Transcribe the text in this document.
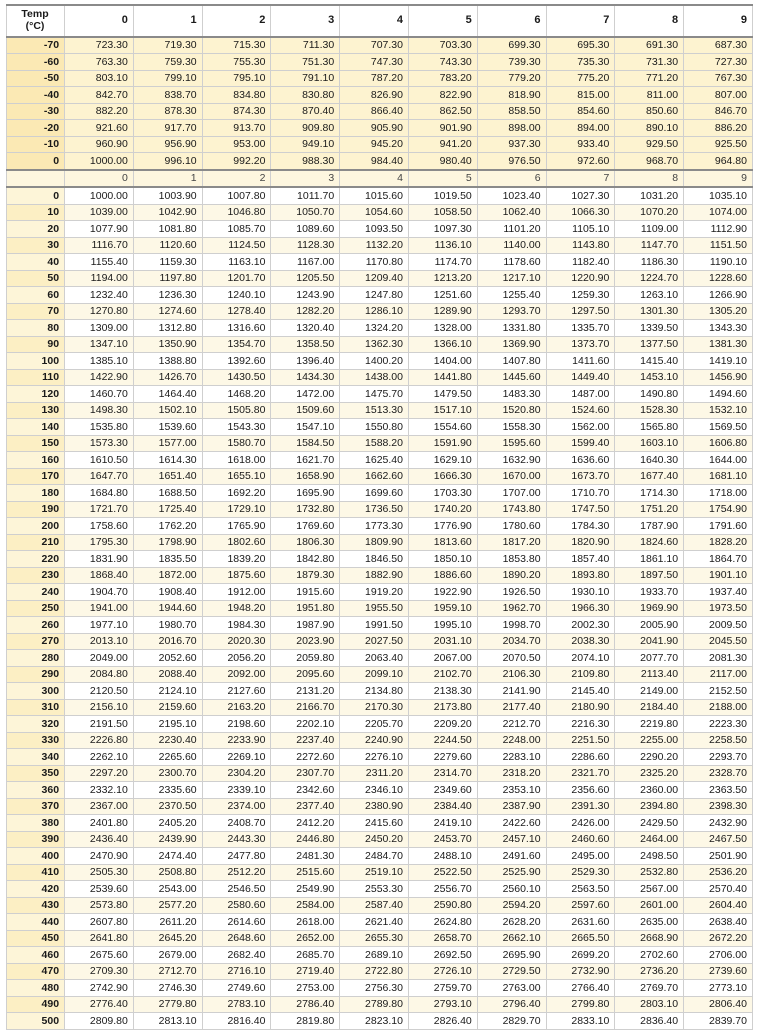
Temp
(°C)	0	1	2	3	4	5	6	7	8	9
-70	723.30	719.30	715.30	711.30	707.30	703.30	699.30	695.30	691.30	687.30
-60	763.30	759.30	755.30	751.30	747.30	743.30	739.30	735.30	731.30	727.30
-50	803.10	799.10	795.10	791.10	787.20	783.20	779.20	775.20	771.20	767.30
-40	842.70	838.70	834.80	830.80	826.90	822.90	818.90	815.00	811.00	807.00
-30	882.20	878.30	874.30	870.40	866.40	862.50	858.50	854.60	850.60	846.70
-20	921.60	917.70	913.70	909.80	905.90	901.90	898.00	894.00	890.10	886.20
-10	960.90	956.90	953.00	949.10	945.20	941.20	937.30	933.40	929.50	925.50
0	1000.00	996.10	992.20	988.30	984.40	980.40	976.50	972.60	968.70	964.80
	0	1	2	3	4	5	6	7	8	9
0	1000.00	1003.90	1007.80	1011.70	1015.60	1019.50	1023.40	1027.30	1031.20	1035.10
10	1039.00	1042.90	1046.80	1050.70	1054.60	1058.50	1062.40	1066.30	1070.20	1074.00
20	1077.90	1081.80	1085.70	1089.60	1093.50	1097.30	1101.20	1105.10	1109.00	1112.90
30	1116.70	1120.60	1124.50	1128.30	1132.20	1136.10	1140.00	1143.80	1147.70	1151.50
40	1155.40	1159.30	1163.10	1167.00	1170.80	1174.70	1178.60	1182.40	1186.30	1190.10
50	1194.00	1197.80	1201.70	1205.50	1209.40	1213.20	1217.10	1220.90	1224.70	1228.60
60	1232.40	1236.30	1240.10	1243.90	1247.80	1251.60	1255.40	1259.30	1263.10	1266.90
70	1270.80	1274.60	1278.40	1282.20	1286.10	1289.90	1293.70	1297.50	1301.30	1305.20
80	1309.00	1312.80	1316.60	1320.40	1324.20	1328.00	1331.80	1335.70	1339.50	1343.30
90	1347.10	1350.90	1354.70	1358.50	1362.30	1366.10	1369.90	1373.70	1377.50	1381.30
100	1385.10	1388.80	1392.60	1396.40	1400.20	1404.00	1407.80	1411.60	1415.40	1419.10
110	1422.90	1426.70	1430.50	1434.30	1438.00	1441.80	1445.60	1449.40	1453.10	1456.90
120	1460.70	1464.40	1468.20	1472.00	1475.70	1479.50	1483.30	1487.00	1490.80	1494.60
130	1498.30	1502.10	1505.80	1509.60	1513.30	1517.10	1520.80	1524.60	1528.30	1532.10
140	1535.80	1539.60	1543.30	1547.10	1550.80	1554.60	1558.30	1562.00	1565.80	1569.50
150	1573.30	1577.00	1580.70	1584.50	1588.20	1591.90	1595.60	1599.40	1603.10	1606.80
160	1610.50	1614.30	1618.00	1621.70	1625.40	1629.10	1632.90	1636.60	1640.30	1644.00
170	1647.70	1651.40	1655.10	1658.90	1662.60	1666.30	1670.00	1673.70	1677.40	1681.10
180	1684.80	1688.50	1692.20	1695.90	1699.60	1703.30	1707.00	1710.70	1714.30	1718.00
190	1721.70	1725.40	1729.10	1732.80	1736.50	1740.20	1743.80	1747.50	1751.20	1754.90
200	1758.60	1762.20	1765.90	1769.60	1773.30	1776.90	1780.60	1784.30	1787.90	1791.60
210	1795.30	1798.90	1802.60	1806.30	1809.90	1813.60	1817.20	1820.90	1824.60	1828.20
220	1831.90	1835.50	1839.20	1842.80	1846.50	1850.10	1853.80	1857.40	1861.10	1864.70
230	1868.40	1872.00	1875.60	1879.30	1882.90	1886.60	1890.20	1893.80	1897.50	1901.10
240	1904.70	1908.40	1912.00	1915.60	1919.20	1922.90	1926.50	1930.10	1933.70	1937.40
250	1941.00	1944.60	1948.20	1951.80	1955.50	1959.10	1962.70	1966.30	1969.90	1973.50
260	1977.10	1980.70	1984.30	1987.90	1991.50	1995.10	1998.70	2002.30	2005.90	2009.50
270	2013.10	2016.70	2020.30	2023.90	2027.50	2031.10	2034.70	2038.30	2041.90	2045.50
280	2049.00	2052.60	2056.20	2059.80	2063.40	2067.00	2070.50	2074.10	2077.70	2081.30
290	2084.80	2088.40	2092.00	2095.60	2099.10	2102.70	2106.30	2109.80	2113.40	2117.00
300	2120.50	2124.10	2127.60	2131.20	2134.80	2138.30	2141.90	2145.40	2149.00	2152.50
310	2156.10	2159.60	2163.20	2166.70	2170.30	2173.80	2177.40	2180.90	2184.40	2188.00
320	2191.50	2195.10	2198.60	2202.10	2205.70	2209.20	2212.70	2216.30	2219.80	2223.30
330	2226.80	2230.40	2233.90	2237.40	2240.90	2244.50	2248.00	2251.50	2255.00	2258.50
340	2262.10	2265.60	2269.10	2272.60	2276.10	2279.60	2283.10	2286.60	2290.20	2293.70
350	2297.20	2300.70	2304.20	2307.70	2311.20	2314.70	2318.20	2321.70	2325.20	2328.70
360	2332.10	2335.60	2339.10	2342.60	2346.10	2349.60	2353.10	2356.60	2360.00	2363.50
370	2367.00	2370.50	2374.00	2377.40	2380.90	2384.40	2387.90	2391.30	2394.80	2398.30
380	2401.80	2405.20	2408.70	2412.20	2415.60	2419.10	2422.60	2426.00	2429.50	2432.90
390	2436.40	2439.90	2443.30	2446.80	2450.20	2453.70	2457.10	2460.60	2464.00	2467.50
400	2470.90	2474.40	2477.80	2481.30	2484.70	2488.10	2491.60	2495.00	2498.50	2501.90
410	2505.30	2508.80	2512.20	2515.60	2519.10	2522.50	2525.90	2529.30	2532.80	2536.20
420	2539.60	2543.00	2546.50	2549.90	2553.30	2556.70	2560.10	2563.50	2567.00	2570.40
430	2573.80	2577.20	2580.60	2584.00	2587.40	2590.80	2594.20	2597.60	2601.00	2604.40
440	2607.80	2611.20	2614.60	2618.00	2621.40	2624.80	2628.20	2631.60	2635.00	2638.40
450	2641.80	2645.20	2648.60	2652.00	2655.30	2658.70	2662.10	2665.50	2668.90	2672.20
460	2675.60	2679.00	2682.40	2685.70	2689.10	2692.50	2695.90	2699.20	2702.60	2706.00
470	2709.30	2712.70	2716.10	2719.40	2722.80	2726.10	2729.50	2732.90	2736.20	2739.60
480	2742.90	2746.30	2749.60	2753.00	2756.30	2759.70	2763.00	2766.40	2769.70	2773.10
490	2776.40	2779.80	2783.10	2786.40	2789.80	2793.10	2796.40	2799.80	2803.10	2806.40
500	2809.80	2813.10	2816.40	2819.80	2823.10	2826.40	2829.70	2833.10	2836.40	2839.70
